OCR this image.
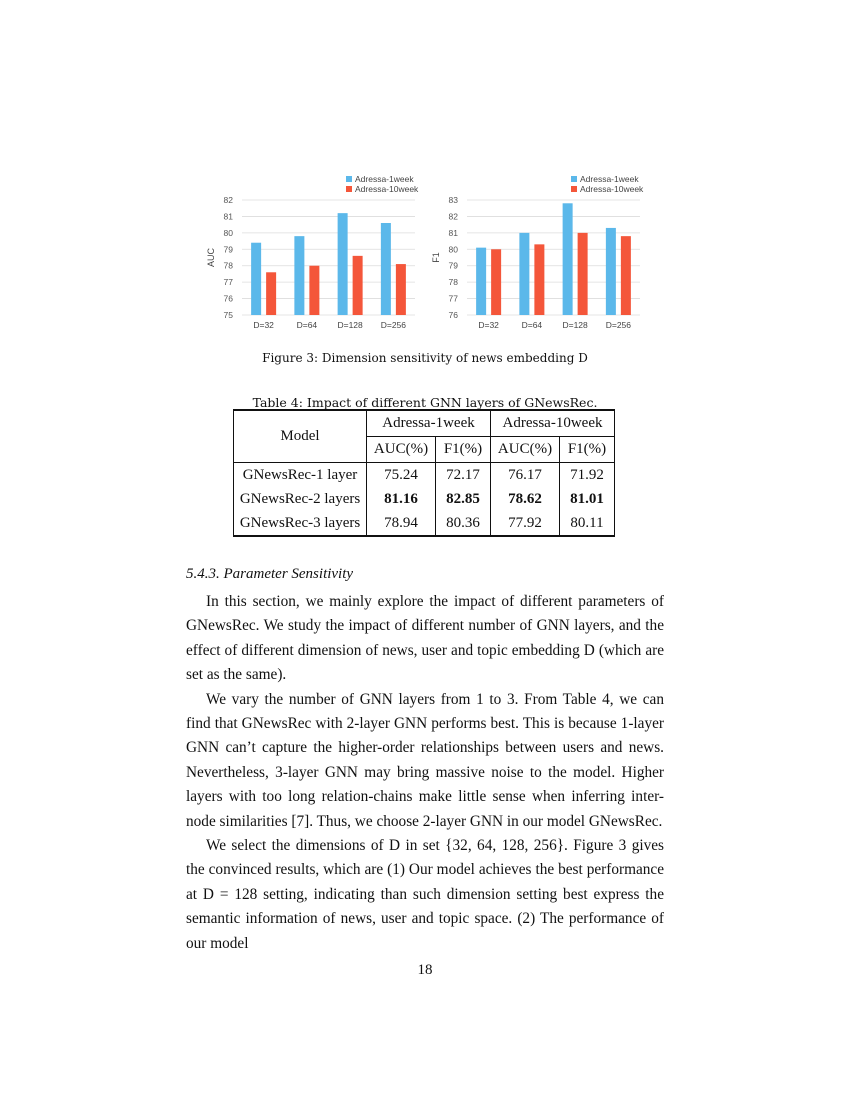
75
76
77
78
79
80
81
82
AUC
D=32	D=64 D=128 D=256
Adressa-1week
Adressa-10week
76
77
78
79
80
81
82
83
F1
D=32	D=64 D=128 D=256
Adressa-1week
Adressa-10week
Figure 3: Dimension sensitivity of news embedding D
Table 4: Impact of different GNN layers of GNewsRec.
Model	Adressa-1week		Adressa-10week	
	AUC(%)	F1(%)	AUC(%)	F1(%)
GNewsRec-1 layer	75.24	72.17	76.17	71.92
GNewsRec-2 layers	81.16	82.85	78.62	81.01
GNewsRec-3 layers	78.94	80.36	77.92	80.11
5.4.3. Parameter Sensitivity

In this section, we mainly explore the impact of different parameters of GNewsRec. We study the impact of different number of GNN layers, and the effect of different dimension of news, user and topic embedding D (which are set as the same).

We vary the number of GNN layers from 1 to 3. From Table 4, we can find that GNewsRec with 2-layer GNN performs best. This is because 1-layer GNN can’t capture the higher-order relationships between users and news. Nevertheless, 3-layer GNN may bring massive noise to the model. Higher layers with too long relation-chains make little sense when inferring inter-node similarities [7]. Thus, we choose 2-layer GNN in our model GNewsRec.

We select the dimensions of D in set {32, 64, 128, 256}. Figure 3 gives the convinced results, which are (1) Our model achieves the best performance at D = 128 setting, indicating than such dimension setting best express the semantic information of news, user and topic space. (2) The performance of our model

18
